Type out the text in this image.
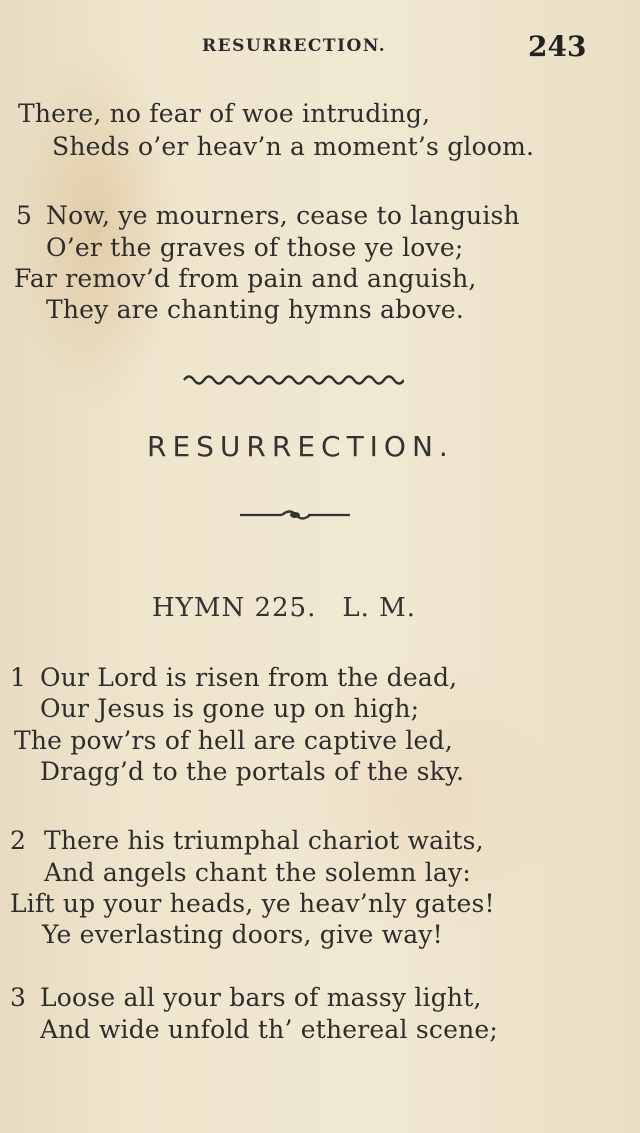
RESURRECTION.	243
There, no fear of woe intruding,
Sheds o’er heav’n a moment’s gloom.
5 Now, ye mourners, cease to languish
O’er the graves of those ye love;
Far remov’d from pain and anguish,
They are chanting hymns above.
RESURRECTION.
HYMN 225. L. M.
1 Our Lord is risen from the dead,
Our Jesus is gone up on high;
The pow’rs of hell are captive led,
Dragg’d to the portals of the sky.
2 There his triumphal chariot waits,
And angels chant the solemn lay:
Lift up your heads, ye heav’nly gates!
Ye everlasting doors, give way!
3 Loose all your bars of massy light,
And wide unfold th’ ethereal scene;
